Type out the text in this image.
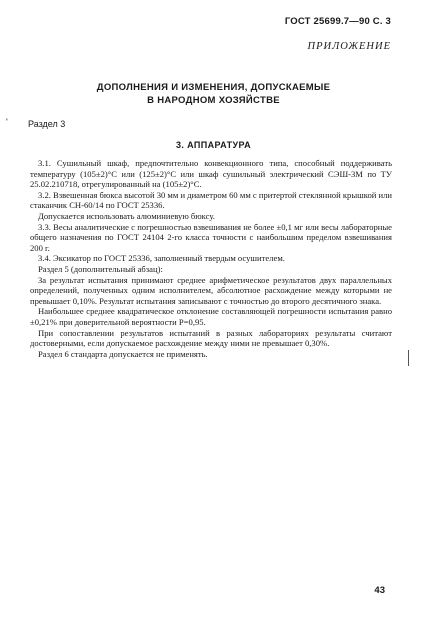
ГОСТ 25699.7—90 С. 3
ПРИЛОЖЕНИЕ
ДОПОЛНЕНИЯ И ИЗМЕНЕНИЯ, ДОПУСКАЕМЫЕ
В НАРОДНОМ ХОЗЯЙСТВЕ
' Раздел 3
3. АППАРАТУРА

3.1. Сушильный шкаф, предпочтительно конвекционного типа, способный поддерживать температуру (105±2)°С или (125±2)°С или шкаф сушильный электрический СЭШ-3М по ТУ 25.02.210718, отрегулированный на (105±2)°С.

3.2. Взвешенная бюкса высотой 30 мм и диаметром 60 мм с притертой стеклянной крышкой или стаканчик СН-60/14 по ГОСТ 25336.

Допускается использовать алюминиевую бюксу.

3.3. Весы аналитические с погрешностью взвешивания не более ±0,1 мг или весы лабораторные общего назначения по ГОСТ 24104 2-го класса точности с наибольшим пределом взвешивания 200 г.

3.4. Эксикатор по ГОСТ 25336, заполненный твердым осушителем.

Раздел 5 (дополнительный абзац):

За результат испытания принимают среднее арифметическое результатов двух параллельных определений, полученных одним исполнителем, абсолютное расхождение между которыми не превышает 0,10%. Результат испытания записывают с точностью до второго десятичного знака.

Наибольшее среднее квадратическое отклонение составляющей погрешности испытания равно ±0,21% при доверительной вероятности P=0,95.

При сопоставлении результатов испытаний в разных лабораториях результаты считают достоверными, если допускаемое расхождение между ними не превышает 0,30%.

Раздел 6 стандарта допускается не применять.

43
